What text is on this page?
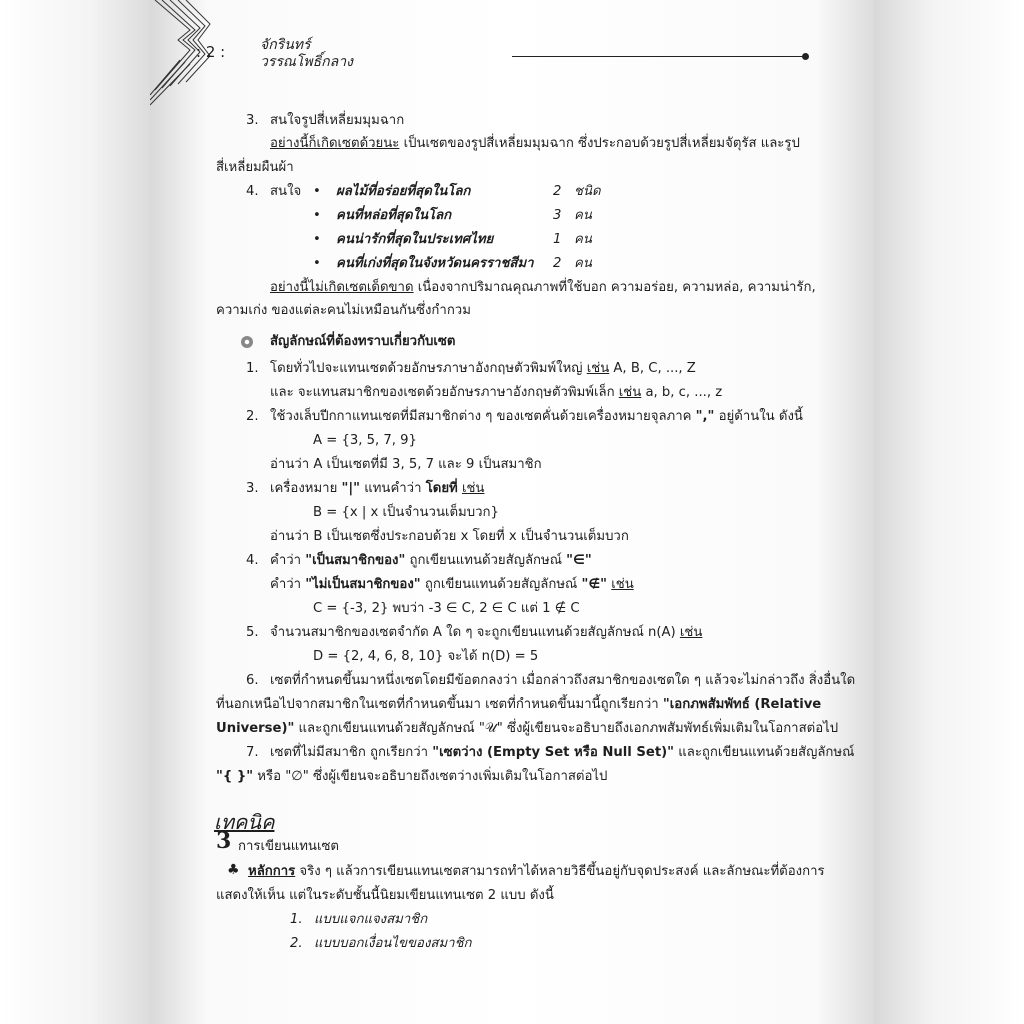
: 2 : จักรินทร์
วรรณโพธิ์กลาง
3. สนใจรูปสี่เหลี่ยมมุมฉาก
อย่างนี้ก็เกิดเซตด้วยนะ เป็นเซตของรูปสี่เหลี่ยมมุมฉาก ซึ่งประกอบด้วยรูปสี่เหลี่ยมจัตุรัส และรูป
สี่เหลี่ยมผืนผ้า
4. สนใจ • ผลไม้ที่อร่อยที่สุดในโลก	2 ชนิด
• คนที่หล่อที่สุดในโลก	3 คน
• คนน่ารักที่สุดในประเทศไทย	1 คน
• คนที่เก่งที่สุดในจังหวัดนครราชสีมา 2 คน
อย่างนี้ไม่เกิดเซตเด็ดขาด เนื่องจากปริมาณคุณภาพที่ใช้บอก ความอร่อย, ความหล่อ, ความน่ารัก,
ความเก่ง ของแต่ละคนไม่เหมือนกันซึ่งกำกวม
สัญลักษณ์ที่ต้องทราบเกี่ยวกับเซต
1. โดยทั่วไปจะแทนเซตด้วยอักษรภาษาอังกฤษตัวพิมพ์ใหญ่ เช่น A, B, C, ..., Z
และ จะแทนสมาชิกของเซตด้วยอักษรภาษาอังกฤษตัวพิมพ์เล็ก เช่น a, b, c, ..., z
2. ใช้วงเล็บปีกกาแทนเซตที่มีสมาชิกต่าง ๆ ของเซตคั่นด้วยเครื่องหมายจุลภาค "," อยู่ด้านใน ดังนี้
A = {3, 5, 7, 9}
อ่านว่า A เป็นเซตที่มี 3, 5, 7 และ 9 เป็นสมาชิก
3. เครื่องหมาย "|" แทนคำว่า โดยที่ เช่น
B = {x | x เป็นจำนวนเต็มบวก}
อ่านว่า B เป็นเซตซึ่งประกอบด้วย x โดยที่ x เป็นจำนวนเต็มบวก
4. คำว่า "เป็นสมาชิกของ" ถูกเขียนแทนด้วยสัญลักษณ์ "∈"
คำว่า "ไม่เป็นสมาชิกของ" ถูกเขียนแทนด้วยสัญลักษณ์ "∉" เช่น
C = {-3, 2} พบว่า -3 ∈ C, 2 ∈ C แต่ 1 ∉ C
5. จำนวนสมาชิกของเซตจำกัด A ใด ๆ จะถูกเขียนแทนด้วยสัญลักษณ์ n(A) เช่น
D = {2, 4, 6, 8, 10} จะได้ n(D) = 5
6. เซตที่กำหนดขึ้นมาหนึ่งเซตโดยมีข้อตกลงว่า เมื่อกล่าวถึงสมาชิกของเซตใด ๆ แล้วจะไม่กล่าวถึง สิ่งอื่นใด
ที่นอกเหนือไปจากสมาชิกในเซตที่กำหนดขึ้นมา เซตที่กำหนดขึ้นมานี้ถูกเรียกว่า "เอกภพสัมพัทธ์ (Relative
Universe)" และถูกเขียนแทนด้วยสัญลักษณ์ "𝒰" ซึ่งผู้เขียนจะอธิบายถึงเอกภพสัมพัทธ์เพิ่มเติมในโอกาสต่อไป
7. เซตที่ไม่มีสมาชิก ถูกเรียกว่า "เซตว่าง (Empty Set หรือ Null Set)" และถูกเขียนแทนด้วยสัญลักษณ์
"{ }" หรือ "∅" ซึ่งผู้เขียนจะอธิบายถึงเซตว่างเพิ่มเติมในโอกาสต่อไป
เทคนิค
3 การเขียนแทนเซต
♣ หลักการ จริง ๆ แล้วการเขียนแทนเซตสามารถทำได้หลายวิธีขึ้นอยู่กับจุดประสงค์ และลักษณะที่ต้องการ
แสดงให้เห็น แต่ในระดับชั้นนี้นิยมเขียนแทนเซต 2 แบบ ดังนี้
1. แบบแจกแจงสมาชิก
2. แบบบอกเงื่อนไขของสมาชิก
